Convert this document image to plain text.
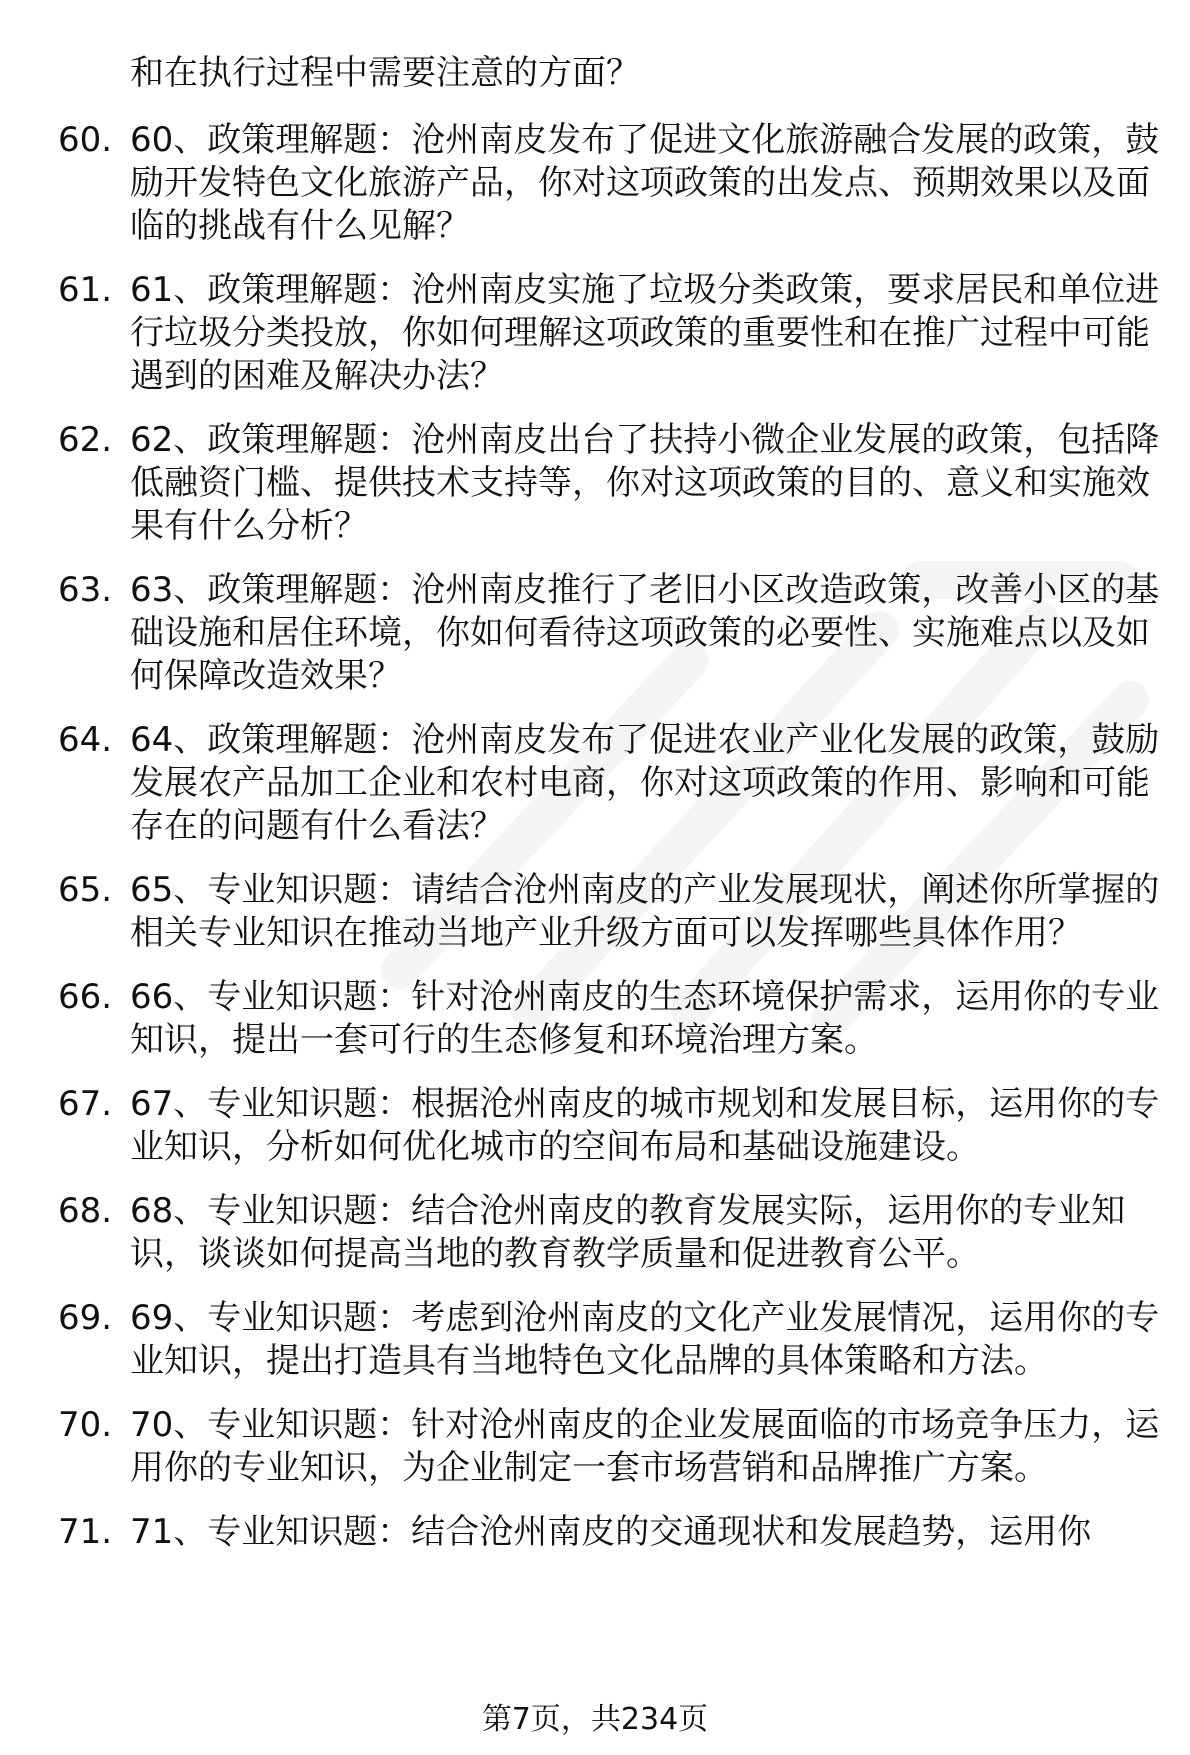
和在执行过程中需要注意的方面？
60. 60、政策理解题：沧州南皮发布了促进文化旅游融合发展的政策，鼓励开发特色文化旅游产品，你对这项政策的出发点、预期效果以及面临的挑战有什么见解？
61. 61、政策理解题：沧州南皮实施了垃圾分类政策，要求居民和单位进行垃圾分类投放，你如何理解这项政策的重要性和在推广过程中可能遇到的困难及解决办法？
62. 62、政策理解题：沧州南皮出台了扶持小微企业发展的政策，包括降低融资门槛、提供技术支持等，你对这项政策的目的、意义和实施效果有什么分析？
63. 63、政策理解题：沧州南皮推行了老旧小区改造政策，改善小区的基础设施和居住环境，你如何看待这项政策的必要性、实施难点以及如何保障改造效果？
64. 64、政策理解题：沧州南皮发布了促进农业产业化发展的政策，鼓励发展农产品加工企业和农村电商，你对这项政策的作用、影响和可能存在的问题有什么看法？
65. 65、专业知识题：请结合沧州南皮的产业发展现状，阐述你所掌握的相关专业知识在推动当地产业升级方面可以发挥哪些具体作用？
66. 66、专业知识题：针对沧州南皮的生态环境保护需求，运用你的专业知识，提出一套可行的生态修复和环境治理方案。
67. 67、专业知识题：根据沧州南皮的城市规划和发展目标，运用你的专业知识，分析如何优化城市的空间布局和基础设施建设。
68. 68、专业知识题：结合沧州南皮的教育发展实际，运用你的专业知识，谈谈如何提高当地的教育教学质量和促进教育公平。
69. 69、专业知识题：考虑到沧州南皮的文化产业发展情况，运用你的专业知识，提出打造具有当地特色文化品牌的具体策略和方法。
70. 70、专业知识题：针对沧州南皮的企业发展面临的市场竞争压力，运用你的专业知识，为企业制定一套市场营销和品牌推广方案。
71. 71、专业知识题：结合沧州南皮的交通现状和发展趋势，运用你
第7页，共234页
